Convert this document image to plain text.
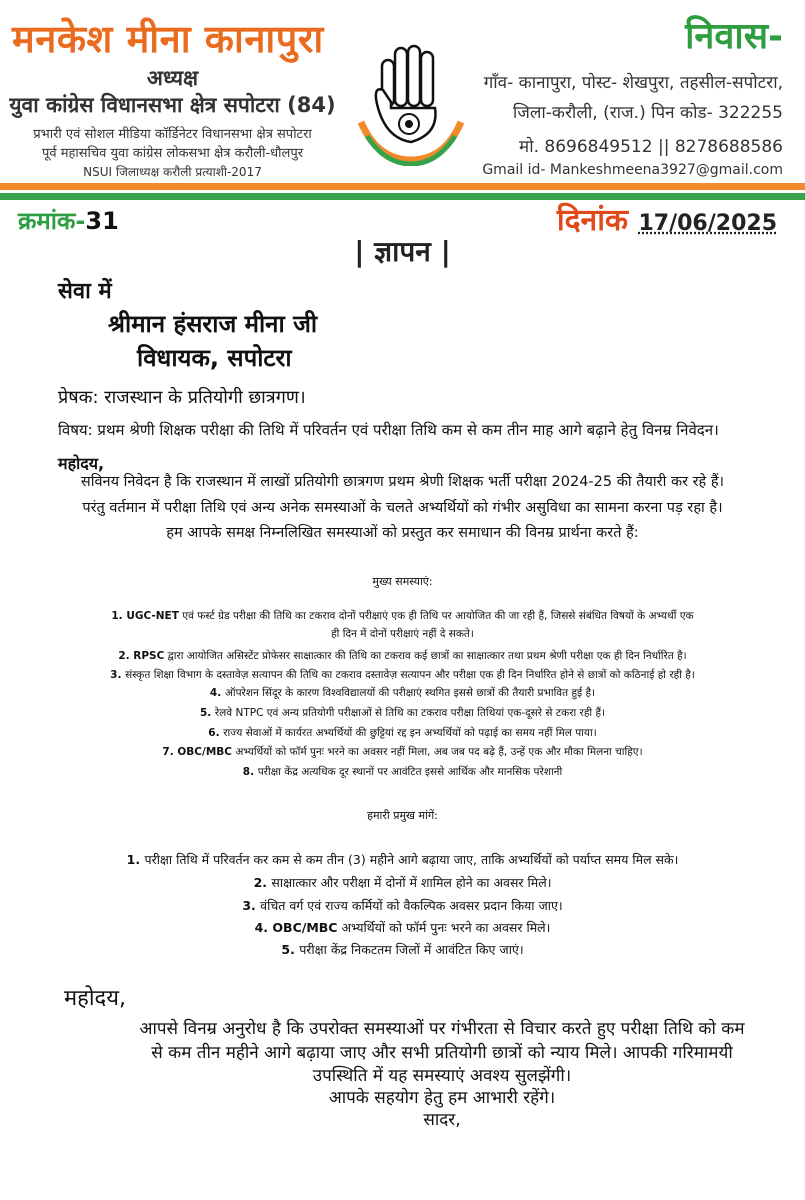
मनकेश मीना कानापुरा
अध्यक्ष
युवा कांग्रेस विधानसभा क्षेत्र सपोटरा (84)
प्रभारी एवं सोशल मीडिया कॉर्डिनेटर विधानसभा क्षेत्र सपोटरा
पूर्व महासचिव युवा कांग्रेस लोकसभा क्षेत्र करौली-धौलपुर
NSUI जिलाध्यक्ष करौली प्रत्याशी-2017
निवास-
गाँव- कानापुरा, पोस्ट- शेखपुरा, तहसील-सपोटरा,
जिला-करौली, (राज.) पिन कोड- 322255
मो. 8696849512 || 8278688586
Gmail id- Mankeshmeena3927@gmail.com
क्रमांक-31	दिनांक 17/06/2025
| ज्ञापन |
सेवा में
श्रीमान हंसराज मीना जी
विधायक, सपोटरा
प्रेषक: राजस्थान के प्रतियोगी छात्रगण।
विषय: प्रथम श्रेणी शिक्षक परीक्षा की तिथि में परिवर्तन एवं परीक्षा तिथि कम से कम तीन माह आगे बढ़ाने हेतु विनम्र निवेदन।
महोदय,
सविनय निवेदन है कि राजस्थान में लाखों प्रतियोगी छात्रगण प्रथम श्रेणी शिक्षक भर्ती परीक्षा 2024-25 की तैयारी कर रहे हैं।
परंतु वर्तमान में परीक्षा तिथि एवं अन्य अनेक समस्याओं के चलते अभ्यर्थियों को गंभीर असुविधा का सामना करना पड़ रहा है।
हम आपके समक्ष निम्नलिखित समस्याओं को प्रस्तुत कर समाधान की विनम्र प्रार्थना करते हैं:
मुख्य समस्याएं:
1. UGC-NET एवं फर्स्ट ग्रेड परीक्षा की तिथि का टकराव दोनों परीक्षाएं एक ही तिथि पर आयोजित की जा रही हैं, जिससे संबंधित विषयों के अभ्यर्थी एक
ही दिन में दोनों परीक्षाएं नहीं दे सकते।
2. RPSC द्वारा आयोजित असिस्टेंट प्रोफेसर साक्षात्कार की तिथि का टकराव कई छात्रों का साक्षात्कार तथा प्रथम श्रेणी परीक्षा एक ही दिन निर्धारित है।
3. संस्कृत शिक्षा विभाग के दस्तावेज़ सत्यापन की तिथि का टकराव दस्तावेज़ सत्यापन और परीक्षा एक ही दिन निर्धारित होने से छात्रों को कठिनाई हो रही है।
4. ऑपरेशन सिंदूर के कारण विश्वविद्यालयों की परीक्षाएं स्थगित इससे छात्रों की तैयारी प्रभावित हुई है।
5. रेलवे NTPC एवं अन्य प्रतियोगी परीक्षाओं से तिथि का टकराव परीक्षा तिथियां एक-दूसरे से टकरा रही हैं।
6. राज्य सेवाओं में कार्यरत अभ्यर्थियों की छुट्टियां रद्द इन अभ्यर्थियों को पढ़ाई का समय नहीं मिल पाया।
7. OBC/MBC अभ्यर्थियों को फॉर्म पुनः भरने का अवसर नहीं मिला, अब जब पद बढ़े हैं, उन्हें एक और मौका मिलना चाहिए।
8. परीक्षा केंद्र अत्यधिक दूर स्थानों पर आवंटित इससे आर्थिक और मानसिक परेशानी
हमारी प्रमुख मांगें:
1. परीक्षा तिथि में परिवर्तन कर कम से कम तीन (3) महीने आगे बढ़ाया जाए, ताकि अभ्यर्थियों को पर्याप्त समय मिल सके।
2. साक्षात्कार और परीक्षा में दोनों में शामिल होने का अवसर मिले।
3. वंचित वर्ग एवं राज्य कर्मियों को वैकल्पिक अवसर प्रदान किया जाए।
4. OBC/MBC अभ्यर्थियों को फॉर्म पुनः भरने का अवसर मिले।
5. परीक्षा केंद्र निकटतम जिलों में आवंटित किए जाएं।
महोदय,
आपसे विनम्र अनुरोध है कि उपरोक्त समस्याओं पर गंभीरता से विचार करते हुए परीक्षा तिथि को कम
से कम तीन महीने आगे बढ़ाया जाए और सभी प्रतियोगी छात्रों को न्याय मिले। आपकी गरिमामयी
उपस्थिति में यह समस्याएं अवश्य सुलझेंगी।
आपके सहयोग हेतु हम आभारी रहेंगे।
सादर,
